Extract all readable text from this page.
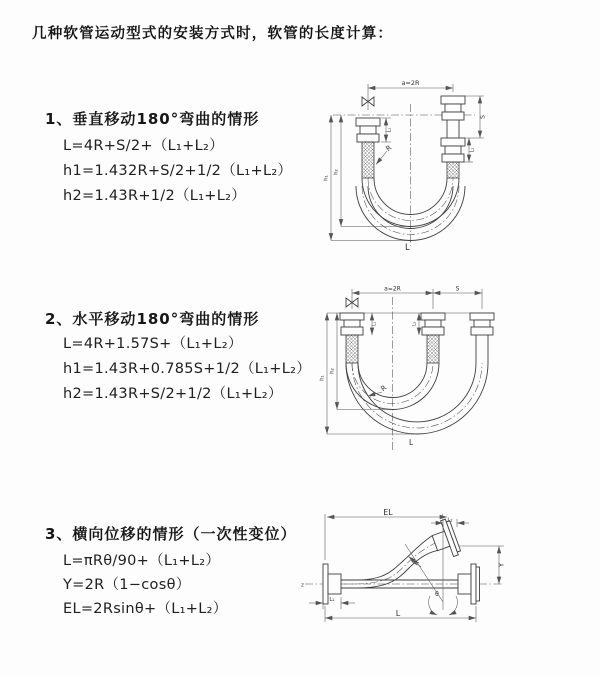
几种软管运动型式的安装方式时，软管的长度计算：
1、垂直移动180°弯曲的情形
L=4R+S/2+（L₁+L₂）
h1=1.432R+S/2+1/2（L₁+L₂）
h2=1.43R+1/2（L₁+L₂）
2、水平移动180°弯曲的情形
L=4R+1.57S+（L₁+L₂）
h1=1.43R+0.785S+1/2（L₁+L₂）
h2=1.43R+S/2+1/2（L₁+L₂）
3、横向位移的情形（一次性变位）
L=πRθ/90+（L₁+L₂）
Y=2R（1−cosθ）
EL=2Rsinθ+（L₁+L₂）
a=2R
h₁
h₂
L₁
S
L₂
R
L
a=2R	S
h₁
h₂
L₁	L₂
R
L
z
EL
L₂
Y
θ
R
L
L₁
